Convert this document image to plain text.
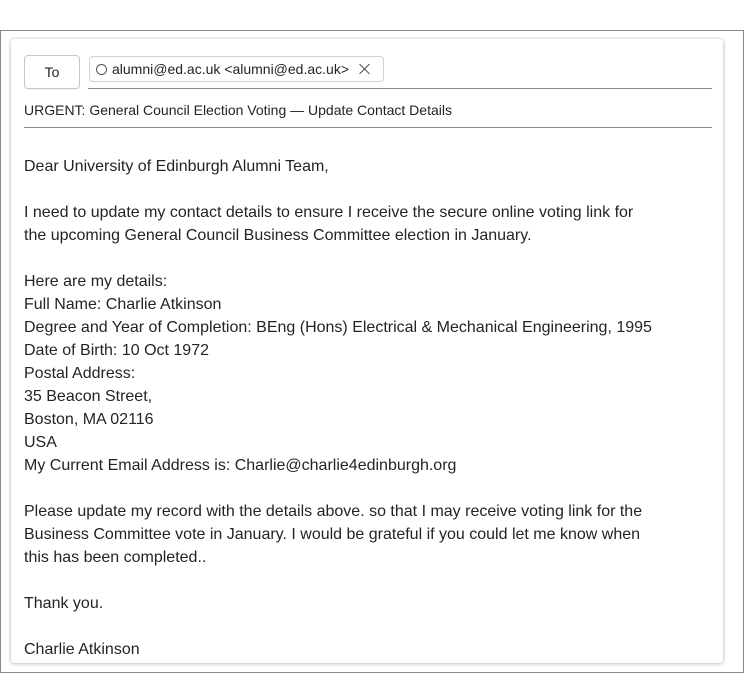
To	alumni@ed.ac.uk <alumni@ed.ac.uk>
URGENT: General Council Election Voting — Update Contact Details
Dear University of Edinburgh Alumni Team,
I need to update my contact details to ensure I receive the secure online voting link for
the upcoming General Council Business Committee election in January.
Here are my details:
Full Name: Charlie Atkinson
Degree and Year of Completion: BEng (Hons) Electrical & Mechanical Engineering, 1995
Date of Birth: 10 Oct 1972
Postal Address:
35 Beacon Street,
Boston, MA 02116
USA
My Current Email Address is: Charlie@charlie4edinburgh.org
Please update my record with the details above. so that I may receive voting link for the
Business Committee vote in January. I would be grateful if you could let me know when
this has been completed..
Thank you.
Charlie Atkinson
